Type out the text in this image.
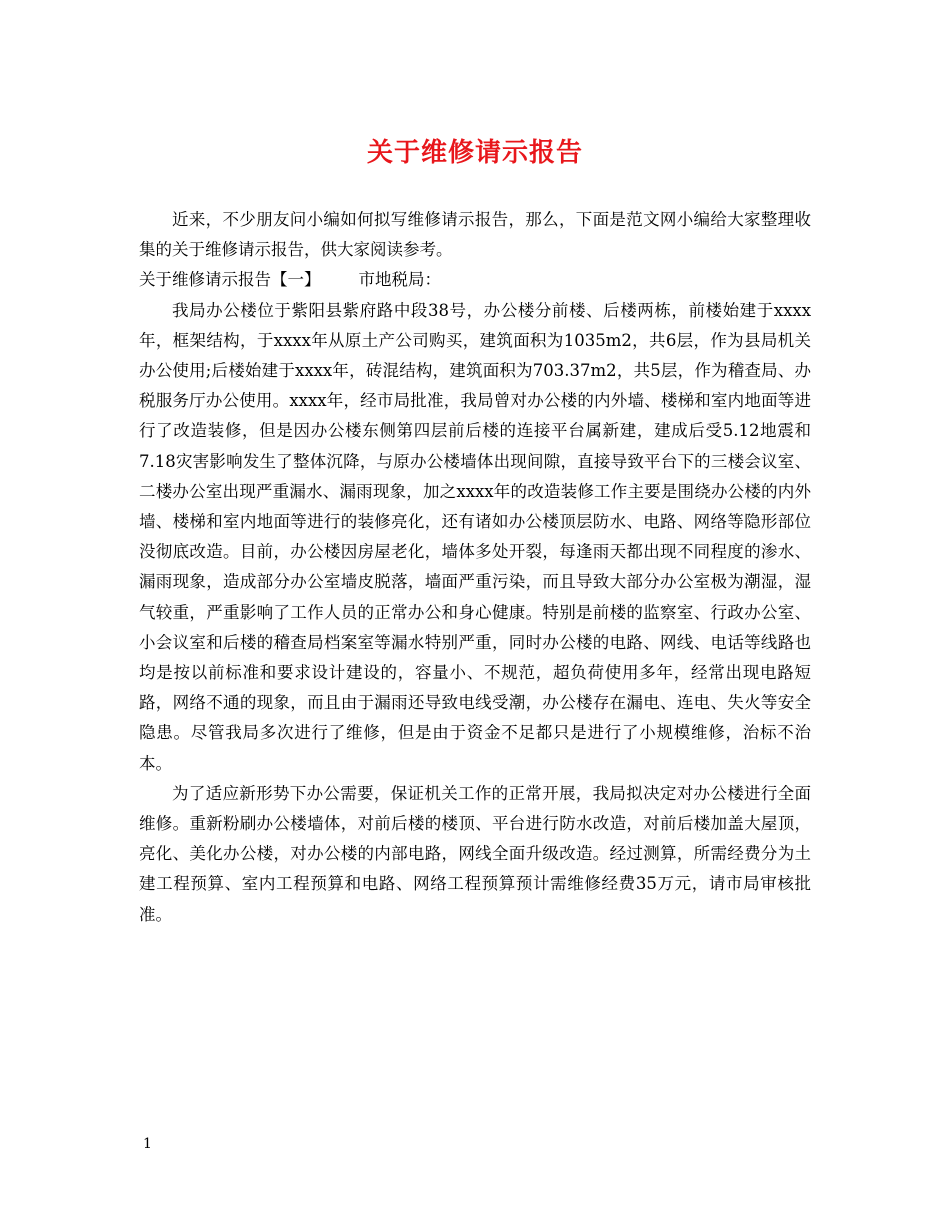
关于维修请示报告

近来，不少朋友问小编如何拟写维修请示报告，那么，下面是范文网小编给大家整理收集的关于维修请示报告，供大家阅读参考。

关于维修请示报告【一】 市地税局：

我局办公楼位于紫阳县紫府路中段38号，办公楼分前楼、后楼两栋，前楼始建于xxxx年，框架结构，于xxxx年从原土产公司购买，建筑面积为1035m2，共6层，作为县局机关办公使用;后楼始建于xxxx年，砖混结构，建筑面积为703.37m2，共5层，作为稽查局、办税服务厅办公使用。xxxx年，经市局批准，我局曾对办公楼的内外墙、楼梯和室内地面等进行了改造装修，但是因办公楼东侧第四层前后楼的连接平台属新建，建成后受5.12地震和7.18灾害影响发生了整体沉降，与原办公楼墙体出现间隙，直接导致平台下的三楼会议室、二楼办公室出现严重漏水、漏雨现象，加之xxxx年的改造装修工作主要是围绕办公楼的内外墙、楼梯和室内地面等进行的装修亮化，还有诸如办公楼顶层防水、电路、网络等隐形部位没彻底改造。目前，办公楼因房屋老化，墙体多处开裂，每逢雨天都出现不同程度的渗水、漏雨现象，造成部分办公室墙皮脱落，墙面严重污染，而且导致大部分办公室极为潮湿，湿气较重，严重影响了工作人员的正常办公和身心健康。特别是前楼的监察室、行政办公室、小会议室和后楼的稽查局档案室等漏水特别严重，同时办公楼的电路、网线、电话等线路也均是按以前标准和要求设计建设的，容量小、不规范，超负荷使用多年，经常出现电路短路，网络不通的现象，而且由于漏雨还导致电线受潮，办公楼存在漏电、连电、失火等安全隐患。尽管我局多次进行了维修，但是由于资金不足都只是进行了小规模维修，治标不治本。

为了适应新形势下办公需要，保证机关工作的正常开展，我局拟决定对办公楼进行全面维修。重新粉刷办公楼墙体，对前后楼的楼顶、平台进行防水改造，对前后楼加盖大屋顶，亮化、美化办公楼，对办公楼的内部电路，网线全面升级改造。经过测算，所需经费分为土建工程预算、室内工程预算和电路、网络工程预算预计需维修经费35万元，请市局审核批准。

1
